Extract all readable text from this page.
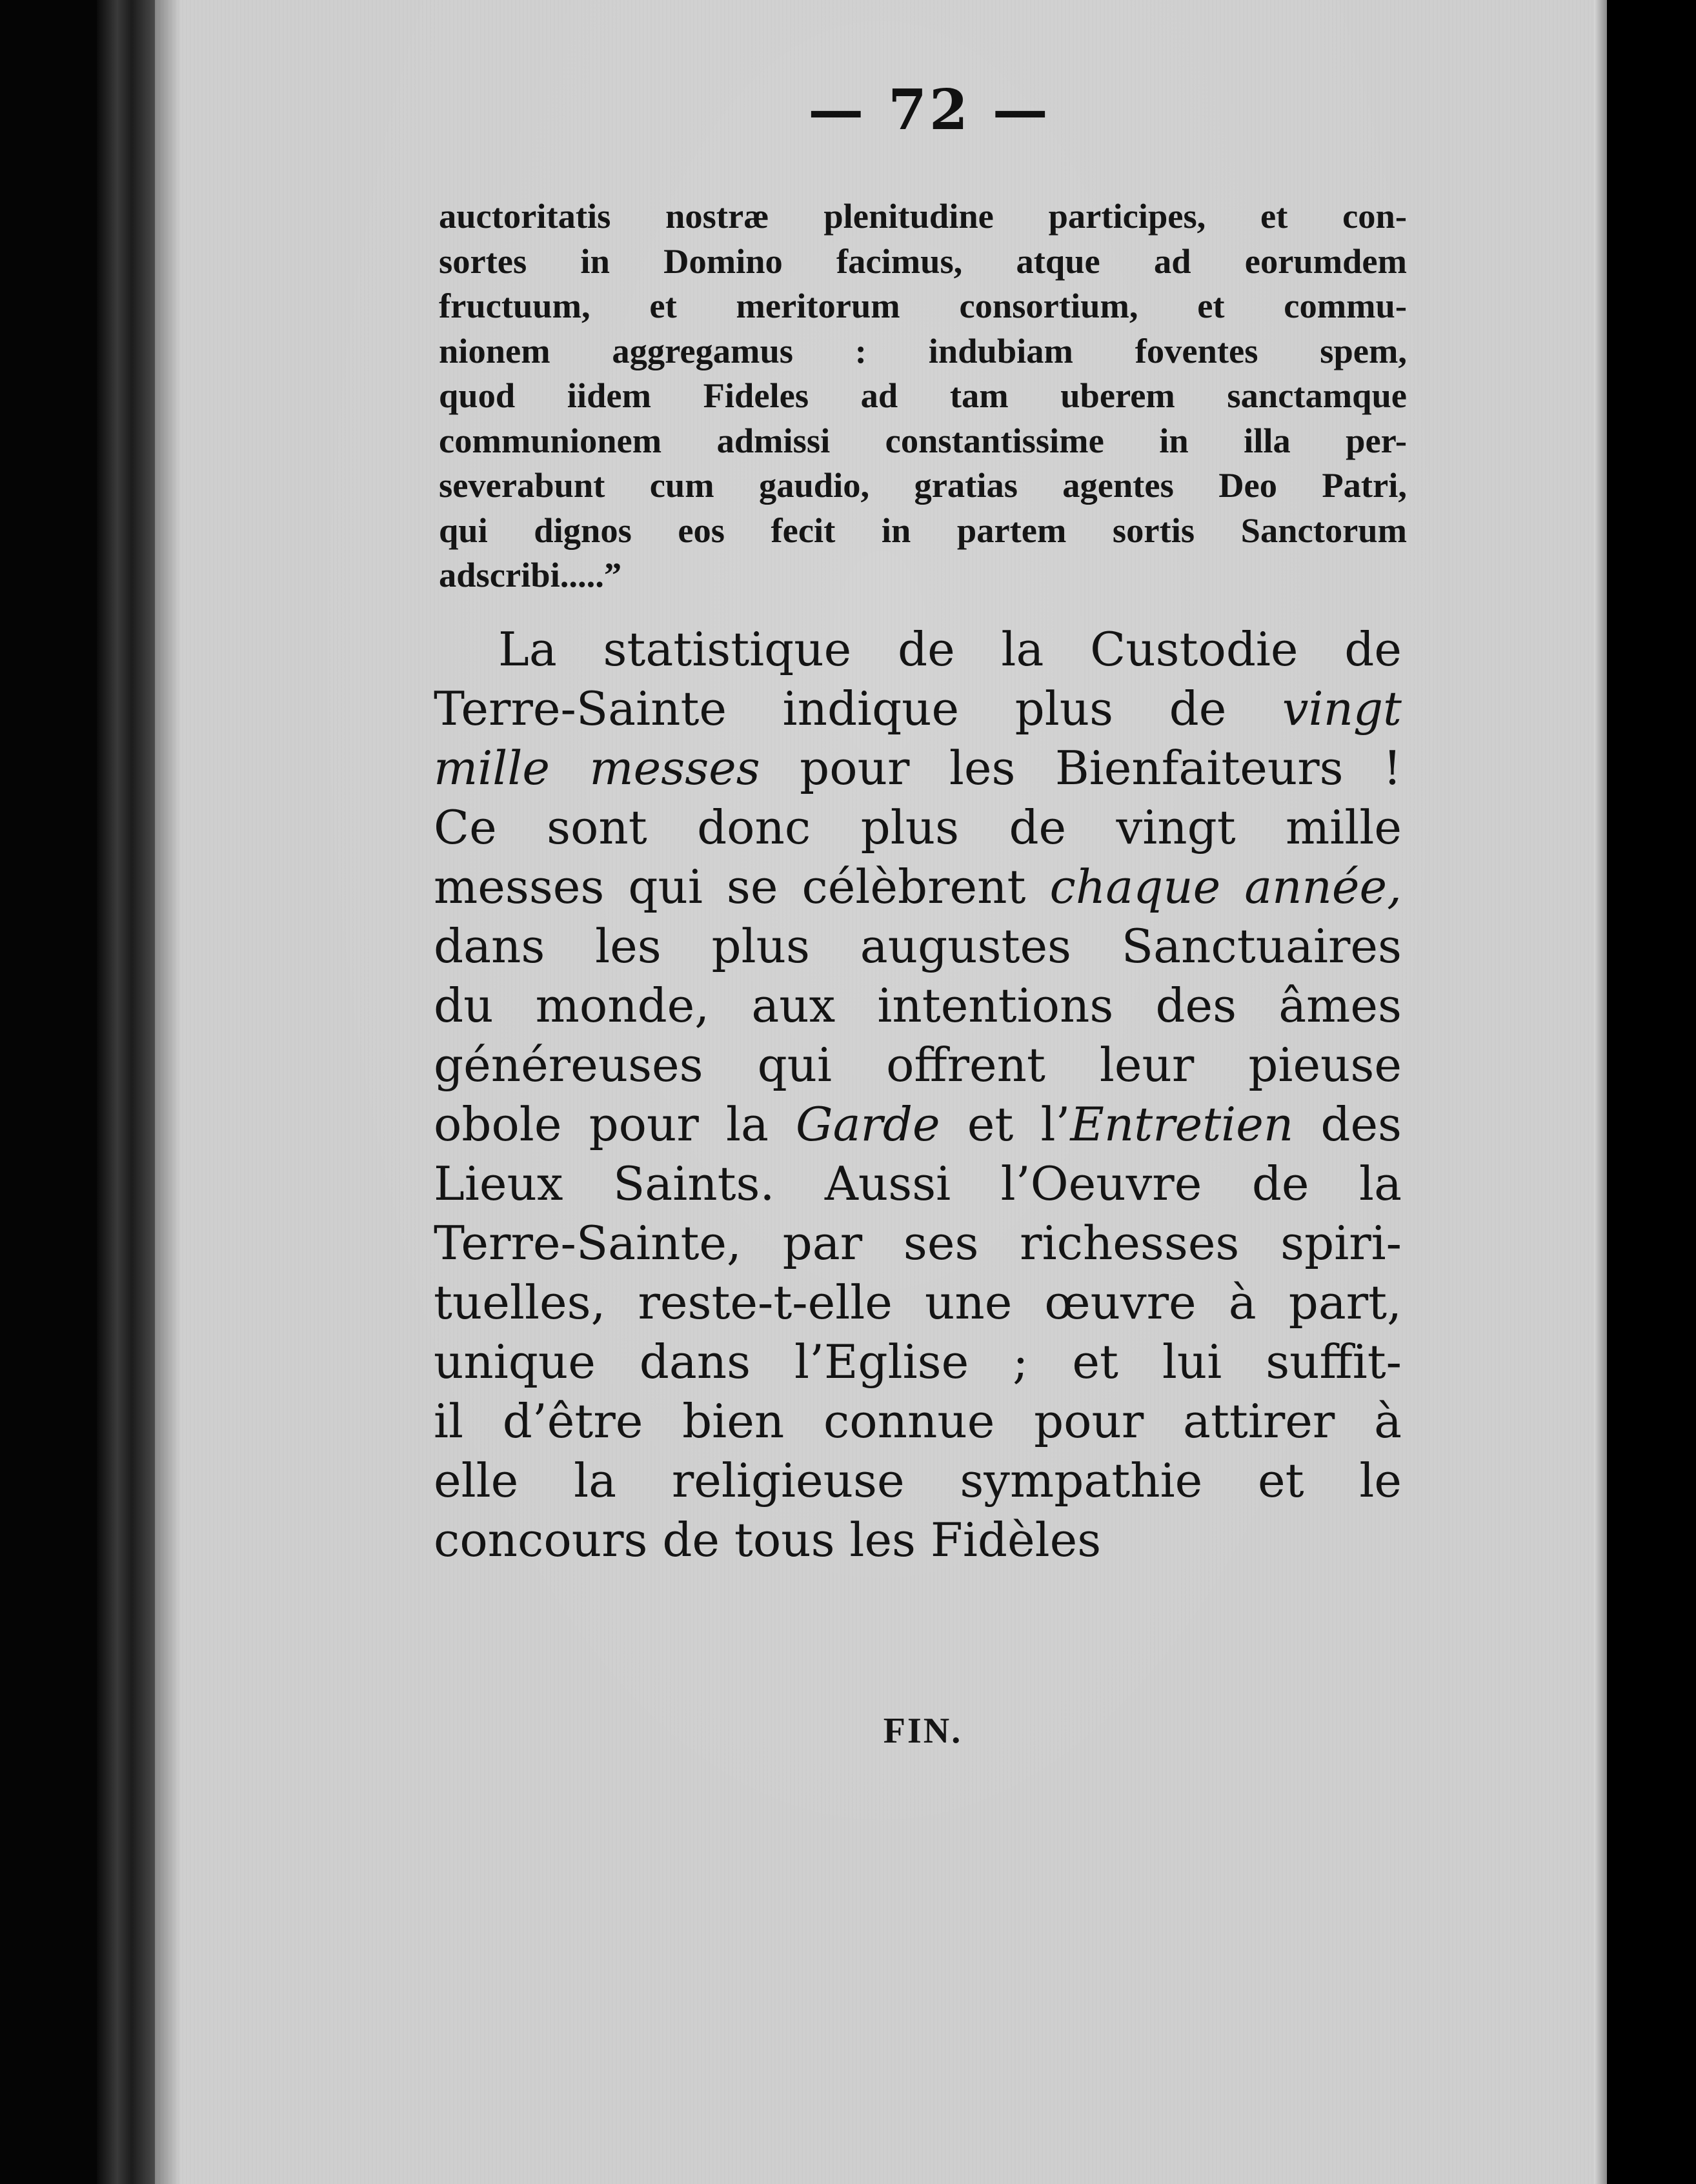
— 72 —
auctoritatis nostræ plenitudine participes, et con-
sortes in Domino facimus, atque ad eorumdem
fructuum, et meritorum consortium, et commu-
nionem aggregamus : indubiam foventes spem,
quod iidem Fideles ad tam uberem sanctamque
communionem admissi constantissime in illa per-
severabunt cum gaudio, gratias agentes Deo Patri,
qui dignos eos fecit in partem sortis Sanctorum
adscribi.....”
La statistique de la Custodie de
Terre-Sainte indique plus de vingt
mille messes pour les Bienfaiteurs !
Ce sont donc plus de vingt mille
messes qui se célèbrent chaque année,
dans les plus augustes Sanctuaires
du monde, aux intentions des âmes
généreuses qui offrent leur pieuse
obole pour la Garde et l’Entretien des
Lieux Saints. Aussi l’Oeuvre de la
Terre-Sainte, par ses richesses spiri-
tuelles, reste-t-elle une œuvre à part,
unique dans l’Eglise ; et lui suffit-
il d’être bien connue pour attirer à
elle la religieuse sympathie et le
concours de tous les Fidèles
FIN.
